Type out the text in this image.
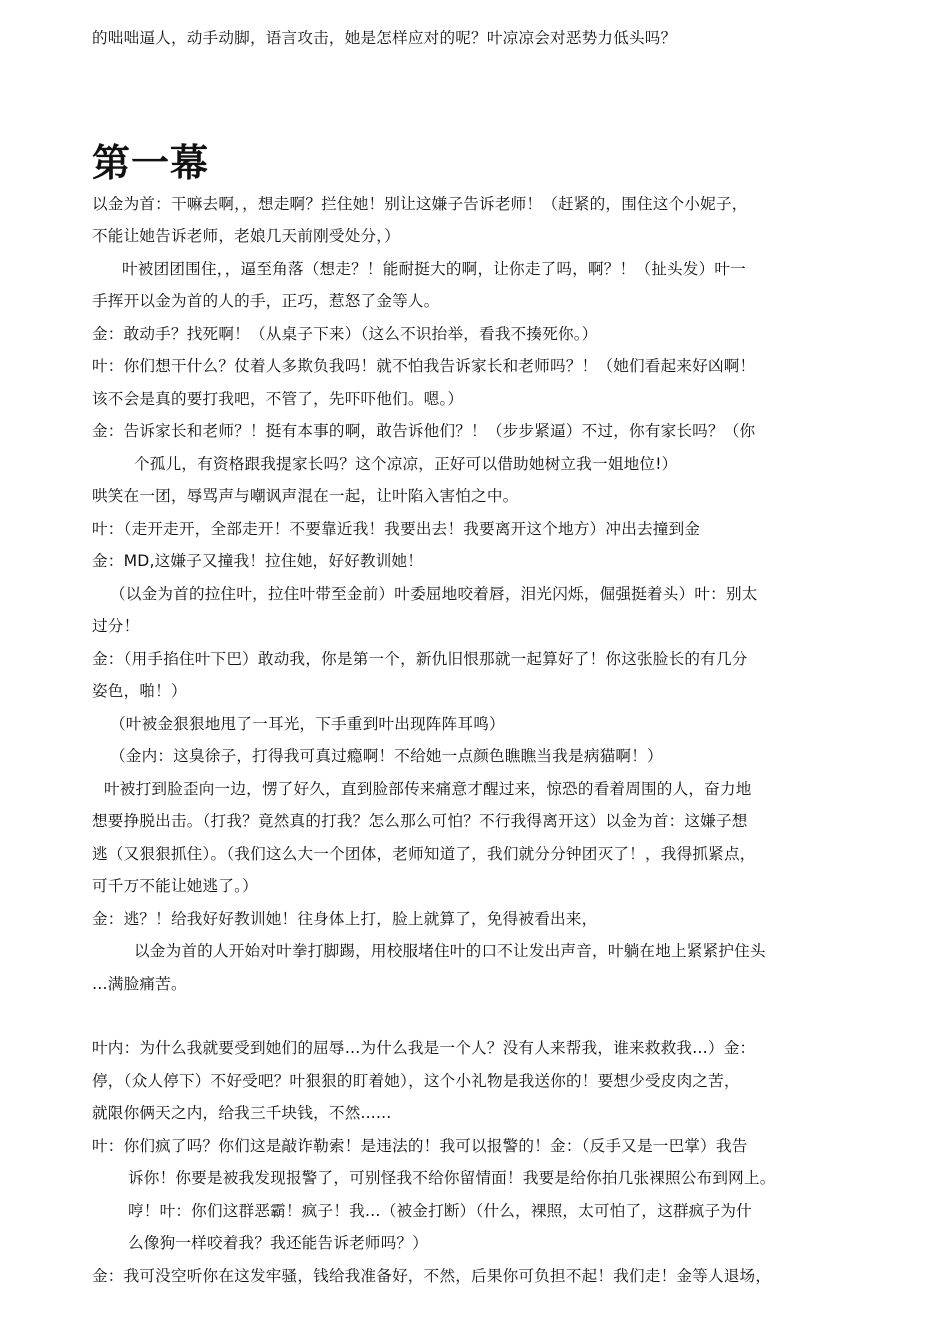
的咄咄逼人，动手动脚，语言攻击，她是怎样应对的呢？叶凉凉会对恶势力低头吗？
第一幕
以金为首：干嘛去啊，，想走啊？拦住她！别让这嫌子告诉老师！（赶紧的，围住这个小妮子，
不能让她告诉老师，老娘几天前刚受处分，）
叶被团团围住，，逼至角落（想走？！能耐挺大的啊，让你走了吗，啊？！（扯头发）叶一
手挥开以金为首的人的手，正巧，惹怒了金等人。
金：敢动手？找死啊！（从桌子下来）（这么不识抬举，看我不揍死你。）
叶：你们想干什么？仗着人多欺负我吗！就不怕我告诉家长和老师吗？！（她们看起来好凶啊！
该不会是真的要打我吧，不管了，先吓吓他们。嗯。）
金：告诉家长和老师？！挺有本事的啊，敢告诉他们？！（步步紧逼）不过，你有家长吗？（你
个孤儿，有资格跟我提家长吗？这个凉凉，正好可以借助她树立我一姐地位!）
哄笑在一团，辱骂声与嘲讽声混在一起，让叶陷入害怕之中。
叶：（走开走开，全部走开！不要靠近我！我要出去！我要离开这个地方）冲出去撞到金
金：MD,这嫌子又撞我！拉住她，好好教训她！
（以金为首的拉住叶，拉住叶带至金前）叶委屈地咬着唇，泪光闪烁，倔强挺着头）叶：别太
过分！
金：（用手掐住叶下巴）敢动我，你是第一个，新仇旧恨那就一起算好了！你这张脸长的有几分
姿色，啪！）
（叶被金狠狠地甩了一耳光，下手重到叶出现阵阵耳鸣）
（金内：这臭徐子，打得我可真过瘾啊！不给她一点颜色瞧瞧当我是病猫啊！）
叶被打到脸歪向一边，愣了好久，直到脸部传来痛意才醒过来，惊恐的看着周围的人，奋力地
想要挣脱出击。（打我？竟然真的打我？怎么那么可怕？不行我得离开这）以金为首：这嫌子想
逃（又狠狠抓住）。（我们这么大一个团体，老师知道了，我们就分分钟团灭了！，我得抓紧点，
可千万不能让她逃了。）
金：逃？！给我好好教训她！往身体上打，脸上就算了，免得被看出来，
以金为首的人开始对叶拳打脚踢，用校服堵住叶的口不让发出声音，叶躺在地上紧紧护住头
…满脸痛苦。
叶内：为什么我就要受到她们的屈辱…为什么我是一个人？没有人来帮我，谁来救救我…）金：
停，（众人停下）不好受吧？叶狠狠的盯着她），这个小礼物是我送你的！要想少受皮肉之苦，
就限你俩天之内，给我三千块钱，不然......
叶：你们疯了吗？你们这是敲诈勒索！是违法的！我可以报警的！金：（反手又是一巴掌）我告
诉你！你要是被我发现报警了，可别怪我不给你留情面！我要是给你拍几张裸照公布到网上。
哼！叶：你们这群恶霸！疯子！我…（被金打断）（什么，裸照，太可怕了，这群疯子为什
么像狗一样咬着我？我还能告诉老师吗？）
金：我可没空听你在这发牢骚，钱给我准备好，不然，后果你可负担不起！我们走！金等人退场，
